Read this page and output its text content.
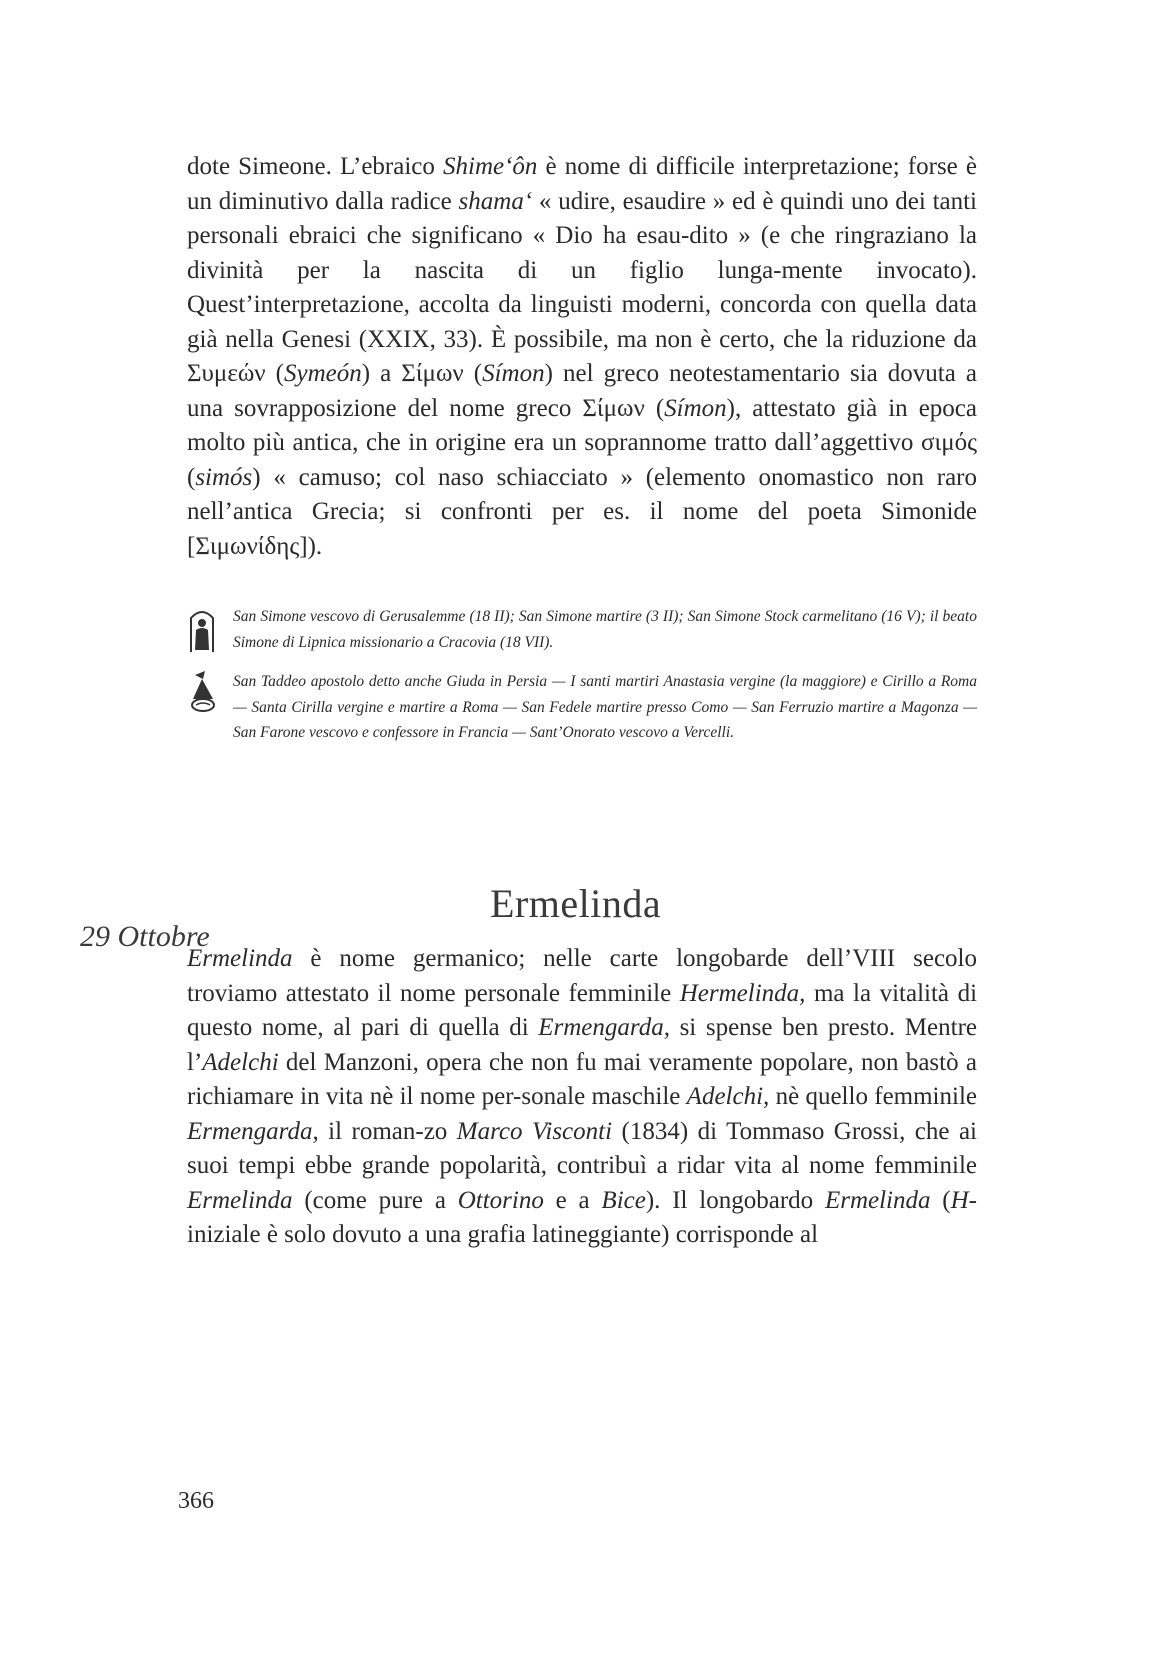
dote Simeone. L’ebraico Shime‘ôn è nome di difficile interpretazione; forse è un diminutivo dalla radice shama‘ « udire, esaudire » ed è quindi uno dei tanti personali ebraici che significano « Dio ha esau-dito » (e che ringraziano la divinità per la nascita di un figlio lunga-mente invocato). Quest’interpretazione, accolta da linguisti moderni, concorda con quella data già nella Genesi (XXIX, 33). È possibile, ma non è certo, che la riduzione da Συμεών (Symeón) a Σίμων (Símon) nel greco neotestamentario sia dovuta a una sovrapposizione del nome greco Σίμων (Símon), attestato già in epoca molto più antica, che in origine era un soprannome tratto dall’aggettivo σιμός (simós) « camuso; col naso schiacciato » (elemento onomastico non raro nell’antica Grecia; si confronti per es. il nome del poeta Simonide [Σιμωνίδης]).

San Simone vescovo di Gerusalemme (18 II); San Simone martire (3 II); San Simone Stock carmelitano (16 V); il beato Simone di Lipnica missionario a Cracovia (18 VII).

San Taddeo apostolo detto anche Giuda in Persia — I santi martiri Anastasia vergine (la maggiore) e Cirillo a Roma — Santa Cirilla vergine e martire a Roma — San Fedele martire presso Como — San Ferruzio martire a Magonza — San Farone vescovo e confessore in Francia — Sant’Onorato vescovo a Vercelli.

Ermelinda
29 Ottobre

Ermelinda è nome germanico; nelle carte longobarde dell’VIII secolo troviamo attestato il nome personale femminile Hermelinda, ma la vitalità di questo nome, al pari di quella di Ermengarda, si spense ben presto. Mentre l’Adelchi del Manzoni, opera che non fu mai veramente popolare, non bastò a richiamare in vita nè il nome per-sonale maschile Adelchi, nè quello femminile Ermengarda, il roman-zo Marco Visconti (1834) di Tommaso Grossi, che ai suoi tempi ebbe grande popolarità, contribuì a ridar vita al nome femminile Ermelinda (come pure a Ottorino e a Bice). Il longobardo Ermelinda (H- iniziale è solo dovuto a una grafia latineggiante) corrisponde al

366
